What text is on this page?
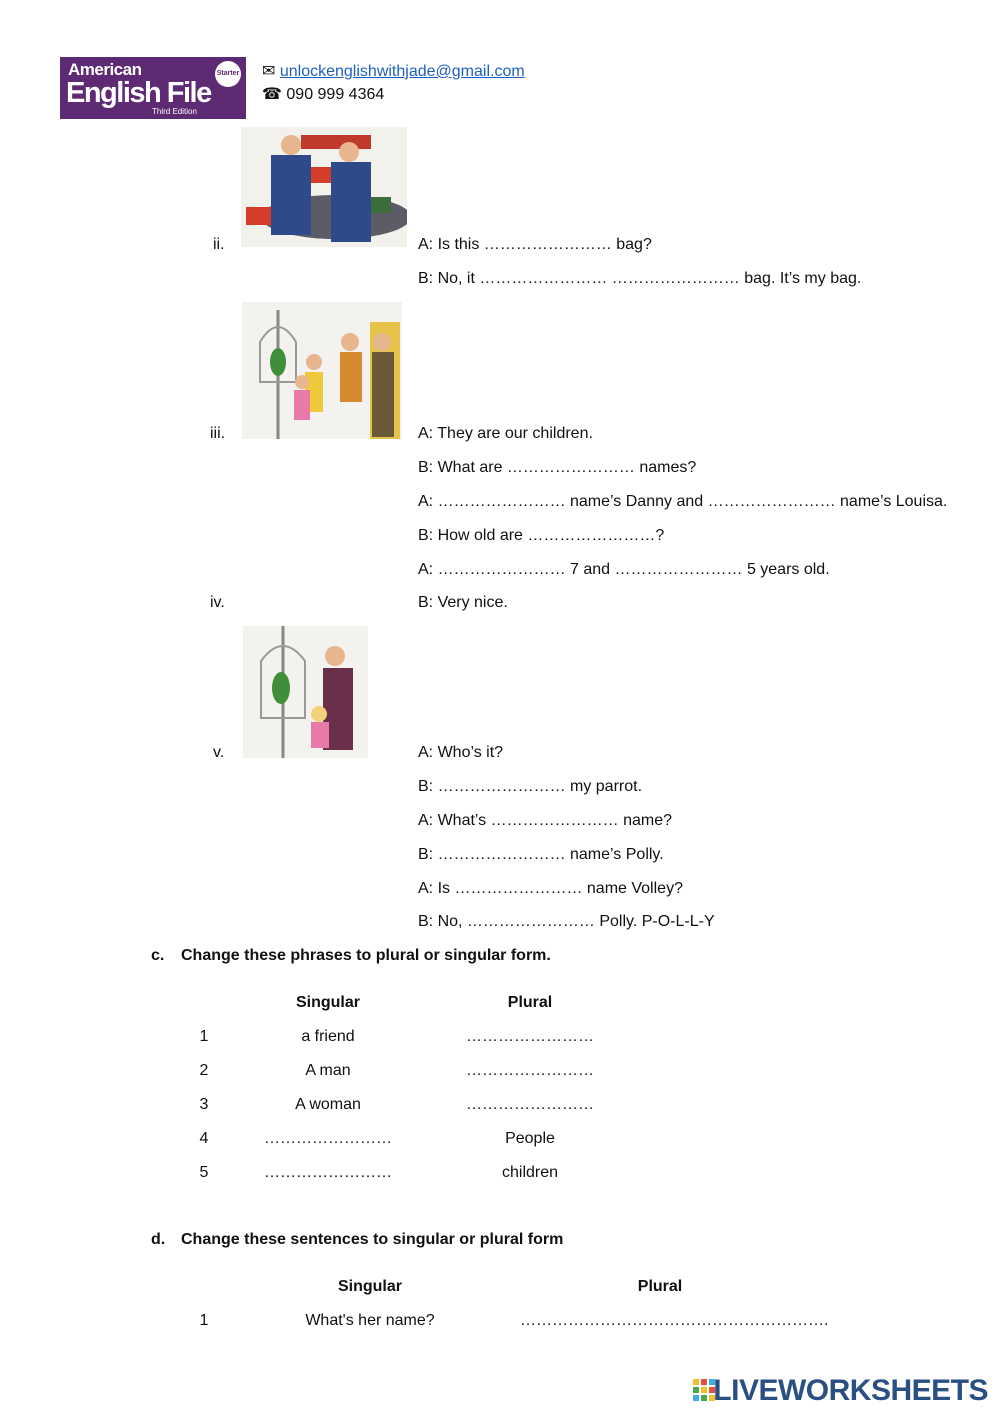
American
English File
Third Edition
Starter ✉ unlockenglishwithjade@gmail.com
☎ 090 999 4364
ii.	A: Is this …………………… bag?
B: No, it …………………… …………………… bag. It’s my bag.
iii.	A: They are our children.
B: What are …………………… names?
A: …………………… name’s Danny and …………………… name’s Louisa.
B: How old are ……………………?
A: …………………… 7 and …………………… 5 years old.
iv.	B: Very nice.
v.	A: Who’s it?
B: …………………… my parrot.
A: What’s …………………… name?
B: …………………… name’s Polly.
A: Is …………………… name Volley?
B: No, …………………… Polly. P-O-L-L-Y
c. Change these phrases to plural or singular form.
Singular	Plural
1	a friend	……………………
2	A man	……………………
3	A woman	……………………
4	……………………	People
5	……………………	children
d. Change these sentences to singular or plural form
Singular	Plural
1	What's her name?	………………………………………………….
LIVEWORKSHEETS
